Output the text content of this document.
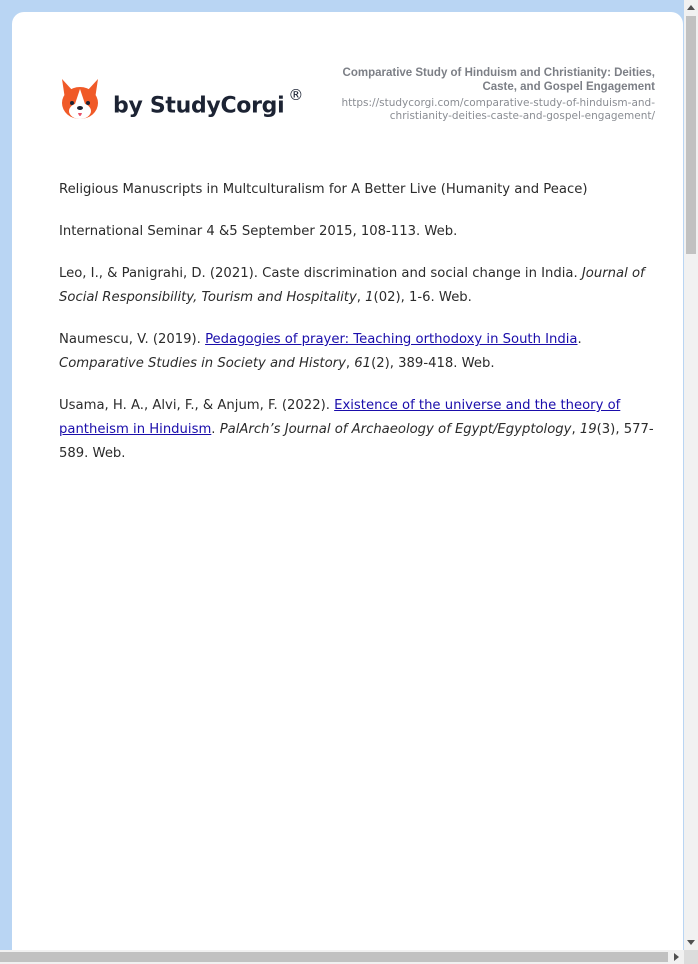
by StudyCorgi ®
Comparative Study of Hinduism and Christianity: Deities, Caste, and Gospel Engagement
https://studycorgi.com/comparative-study-of-hinduism-and-christianity-deities-caste-and-gospel-engagement/

Religious Manuscripts in Multculturalism for A Better Live (Humanity and Peace)

International Seminar 4 &5 September 2015, 108-113. Web.

Leo, I., & Panigrahi, D. (2021). Caste discrimination and social change in India. Journal of Social Responsibility, Tourism and Hospitality, 1(02), 1-6. Web.

Naumescu, V. (2019). Pedagogies of prayer: Teaching orthodoxy in South India.
Comparative Studies in Society and History, 61(2), 389-418. Web.

Usama, H. A., Alvi, F., & Anjum, F. (2022). Existence of the universe and the theory of pantheism in Hinduism. PalArch’s Journal of Archaeology of Egypt/Egyptology, 19(3), 577-589. Web.
